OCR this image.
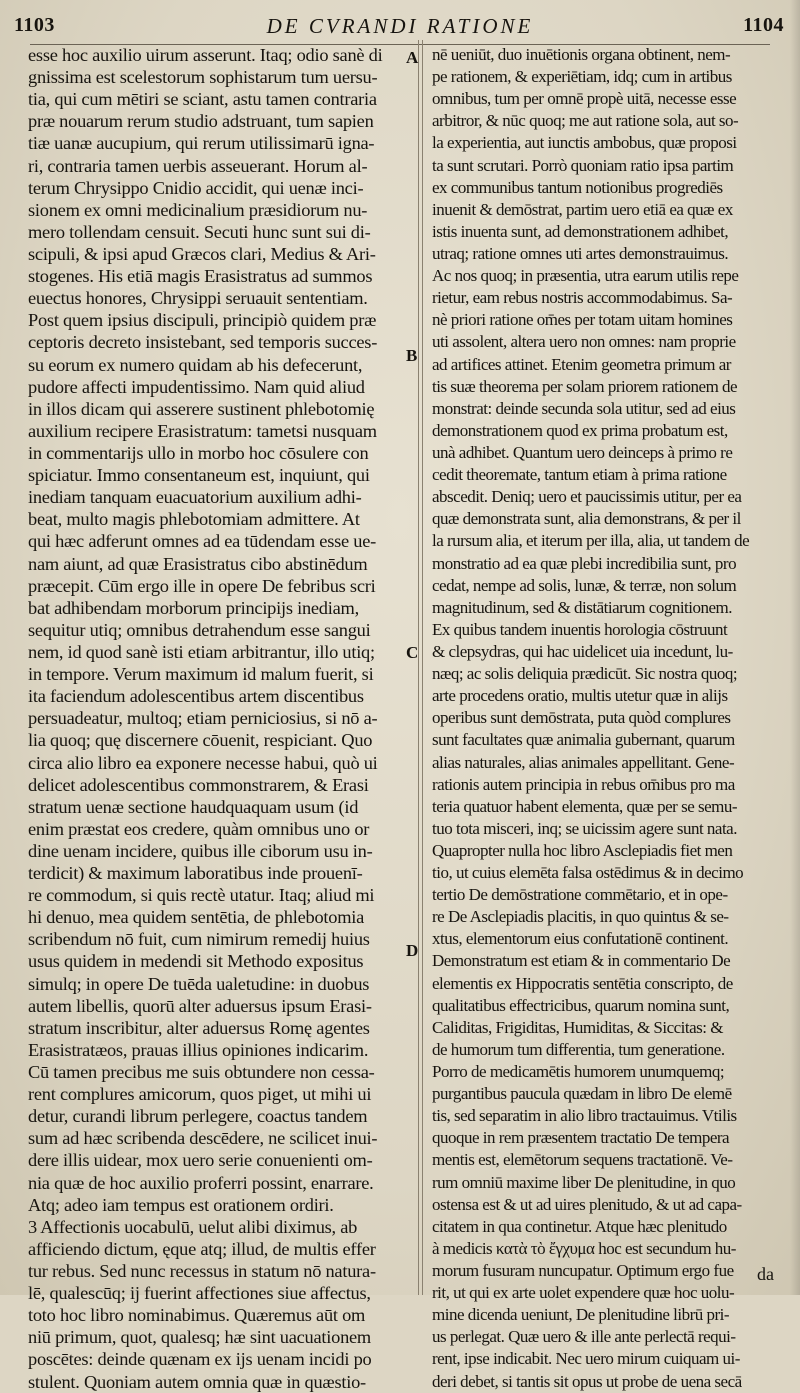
1103	DE CVRANDI RATIONE	1104
A
B
C
D
esse hoc auxilio uirum asserunt. Itaq; odio sanè di
gnissima est scelestorum sophistarum tum uersu-
tia, qui cum mētiri se sciant, astu tamen contraria
præ nouarum rerum studio adstruant, tum sapien
tiæ uanæ aucupium, qui rerum utilissimarū igna-
ri, contraria tamen uerbis asseuerant. Horum al-
terum Chrysippo Cnidio accidit, qui uenæ inci-
sionem ex omni medicinalium præsidiorum nu-
mero tollendam censuit. Secuti hunc sunt sui di-
scipuli, & ipsi apud Græcos clari, Medius & Ari-
stogenes. His etiā magis Erasistratus ad summos
euectus honores, Chrysippi seruauit sententiam.
Post quem ipsius discipuli, principiò quidem præ
ceptoris decreto insistebant, sed temporis succes-
su eorum ex numero quidam ab his defecerunt,
pudore affecti impudentissimo. Nam quid aliud
in illos dicam qui asserere sustinent phlebotomię
auxilium recipere Erasistratum: tametsi nusquam
in commentarijs ullo in morbo hoc cōsulere con
spiciatur. Immo consentaneum est, inquiunt, qui
inediam tanquam euacuatorium auxilium adhi-
beat, multo magis phlebotomiam admittere. At
qui hæc adferunt omnes ad ea tūdendam esse ue-
nam aiunt, ad quæ Erasistratus cibo abstinēdum
præcepit. Cūm ergo ille in opere De febribus scri
bat adhibendam morborum principijs inediam,
sequitur utiq; omnibus detrahendum esse sangui
nem, id quod sanè isti etiam arbitrantur, illo utiq;
in tempore. Verum maximum id malum fuerit, si
ita faciendum adolescentibus artem discentibus
persuadeatur, multoq; etiam perniciosius, si nō a-
lia quoq; quę discernere cōuenit, respiciant. Quo
circa alio libro ea exponere necesse habui, quò ui
delicet adolescentibus commonstrarem, & Erasi
stratum uenæ sectione haudquaquam usum (id
enim præstat eos credere, quàm omnibus uno or
dine uenam incidere, quibus ille ciborum usu in-
terdicit) & maximum laboratibus inde prouenī-
re commodum, si quis rectè utatur. Itaq; aliud mi
hi denuo, mea quidem sentētia, de phlebotomia
scribendum nō fuit, cum nimirum remedij huius
usus quidem in medendi sit Methodo expositus
simulq; in opere De tuēda ualetudine: in duobus
autem libellis, quorū alter aduersus ipsum Erasi-
stratum inscribitur, alter aduersus Romę agentes
Erasistratæos, prauas illius opiniones indicarim.
Cū tamen precibus me suis obtundere non cessa-
rent complures amicorum, quos piget, ut mihi ui
detur, curandi librum perlegere, coactus tandem
sum ad hæc scribenda descēdere, ne scilicet inui-
dere illis uidear, mox uero serie conuenienti om-
nia quæ de hoc auxilio proferri possint, enarrare.
Atq; adeo iam tempus est orationem ordiri.
3 Affectionis uocabulū, uelut alibi diximus, ab
afficiendo dictum, ęque atq; illud, de multis effer
tur rebus. Sed nunc recessus in statum nō natura-
lē, qualescūq; ij fuerint affectiones siue affectus,
toto hoc libro nominabimus. Quæremus aūt om
niū primum, quot, qualesq; hæ sint uacuationem
poscētes: deinde quænam ex ijs uenam incidi po
stulent. Quoniam autem omnia quæ in quæstio-
nē ueniūt, duo inuētionis organa obtinent, nem-
pe rationem, & experiētiam, idq; cum in artibus
omnibus, tum per omnē propè uitā, necesse esse
arbitror, & nūc quoq; me aut ratione sola, aut so-
la experientia, aut iunctis ambobus, quæ proposi
ta sunt scrutari. Porrò quoniam ratio ipsa partim
ex communibus tantum notionibus progrediēs
inuenit & demōstrat, partim uero etiā ea quæ ex
istis inuenta sunt, ad demonstrationem adhibet,
utraq; ratione omnes uti artes demonstrauimus.
Ac nos quoq; in præsentia, utra earum utilis repe
rietur, eam rebus nostris accommodabimus. Sa-
nè priori ratione om̄es per totam uitam homines
uti assolent, altera uero non omnes: nam proprie
ad artifices attinet. Etenim geometra primum ar
tis suæ theorema per solam priorem rationem de
monstrat: deinde secunda sola utitur, sed ad eius
demonstrationem quod ex prima probatum est,
unà adhibet. Quantum uero deinceps à primo re
cedit theoremate, tantum etiam à prima ratione
abscedit. Deniq; uero et paucissimis utitur, per ea
quæ demonstrata sunt, alia demonstrans, & per il
la rursum alia, et iterum per illa, alia, ut tandem de
monstratio ad ea quæ plebi incredibilia sunt, pro
cedat, nempe ad solis, lunæ, & terræ, non solum
magnitudinum, sed & distātiarum cognitionem.
Ex quibus tandem inuentis horologia cōstruunt
& clepsydras, qui hac uidelicet uia incedunt, lu-
næq; ac solis deliquia prædicūt. Sic nostra quoq;
arte procedens oratio, multis utetur quæ in alijs
operibus sunt demōstrata, puta quòd complures
sunt facultates quæ animalia gubernant, quarum
alias naturales, alias animales appellitant. Gene-
rationis autem principia in rebus om̄ibus pro ma
teria quatuor habent elementa, quæ per se semu-
tuo tota misceri, inq; se uicissim agere sunt nata.
Quapropter nulla hoc libro Asclepiadis fiet men
tio, ut cuius elemēta falsa ostēdimus & in decimo
tertio De demōstratione commētario, et in ope-
re De Asclepiadis placitis, in quo quintus & se-
xtus, elementorum eius confutationē continent.
Demonstratum est etiam & in commentario De
elementis ex Hippocratis sentētia conscripto, de
qualitatibus effectricibus, quarum nomina sunt,
Caliditas, Frigiditas, Humiditas, & Siccitas: &
de humorum tum differentia, tum generatione.
Porro de medicamētis humorem unumquemq;
purgantibus paucula quædam in libro De elemē
tis, sed separatim in alio libro tractauimus. Vtilis
quoque in rem præsentem tractatio De tempera
mentis est, elemētorum sequens tractationē. Ve-
rum omniū maxime liber De plenitudine, in quo
ostensa est & ut ad uires plenitudo, & ut ad capa-
citatem in qua continetur. Atque hæc plenitudo
à medicis κατὰ τὸ ἔγχυμα hoc est secundum hu-
morum fusuram nuncupatur. Optimum ergo fue
rit, ut qui ex arte uolet expendere quæ hoc uolu-
mine dicenda ueniunt, De plenitudine librū pri-
us perlegat. Quæ uero & ille ante perlectā requi-
rent, ipse indicabit. Nec uero mirum cuiquam ui-
deri debet, si tantis sit opus ut probe de uena secā
da
